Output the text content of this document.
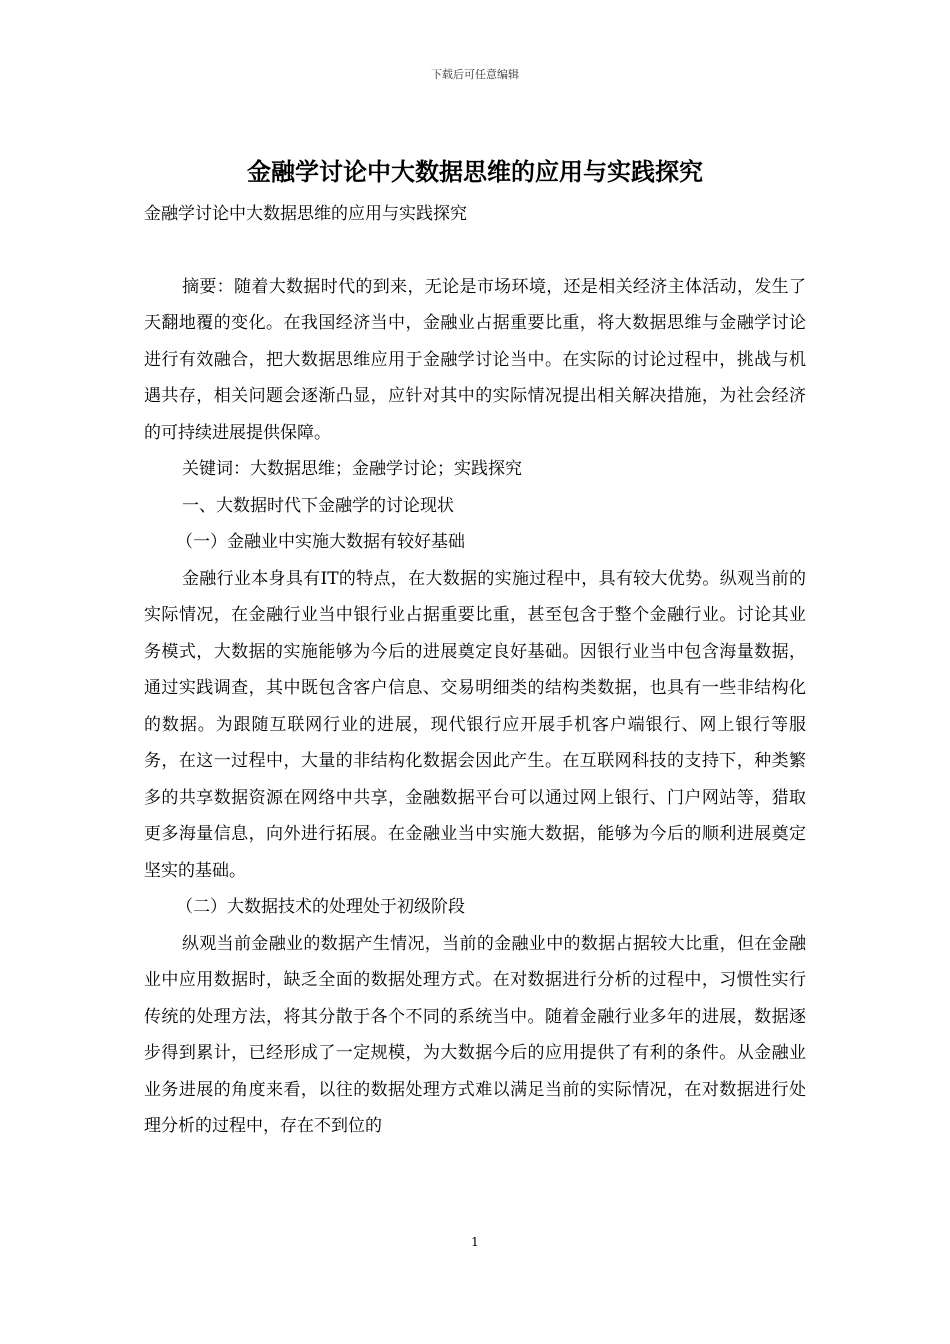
下载后可任意编辑
金融学讨论中大数据思维的应用与实践探究

金融学讨论中大数据思维的应用与实践探究

摘要：随着大数据时代的到来，无论是市场环境，还是相关经济主体活动，发生了天翻地覆的变化。在我国经济当中，金融业占据重要比重，将大数据思维与金融学讨论进行有效融合，把大数据思维应用于金融学讨论当中。在实际的讨论过程中，挑战与机遇共存，相关问题会逐渐凸显，应针对其中的实际情况提出相关解决措施，为社会经济的可持续进展提供保障。

关键词：大数据思维；金融学讨论；实践探究

一、大数据时代下金融学的讨论现状

（一）金融业中实施大数据有较好基础

金融行业本身具有IT的特点，在大数据的实施过程中，具有较大优势。纵观当前的实际情况，在金融行业当中银行业占据重要比重，甚至包含于整个金融行业。讨论其业务模式，大数据的实施能够为今后的进展奠定良好基础。因银行业当中包含海量数据，通过实践调查，其中既包含客户信息、交易明细类的结构类数据，也具有一些非结构化的数据。为跟随互联网行业的进展，现代银行应开展手机客户端银行、网上银行等服务，在这一过程中，大量的非结构化数据会因此产生。在互联网科技的支持下，种类繁多的共享数据资源在网络中共享，金融数据平台可以通过网上银行、门户网站等，猎取更多海量信息，向外进行拓展。在金融业当中实施大数据，能够为今后的顺利进展奠定坚实的基础。

（二）大数据技术的处理处于初级阶段

纵观当前金融业的数据产生情况，当前的金融业中的数据占据较大比重，但在金融业中应用数据时，缺乏全面的数据处理方式。在对数据进行分析的过程中，习惯性实行传统的处理方法，将其分散于各个不同的系统当中。随着金融行业多年的进展，数据逐步得到累计，已经形成了一定规模，为大数据今后的应用提供了有利的条件。从金融业业务进展的角度来看，以往的数据处理方式难以满足当前的实际情况，在对数据进行处理分析的过程中，存在不到位的

1
